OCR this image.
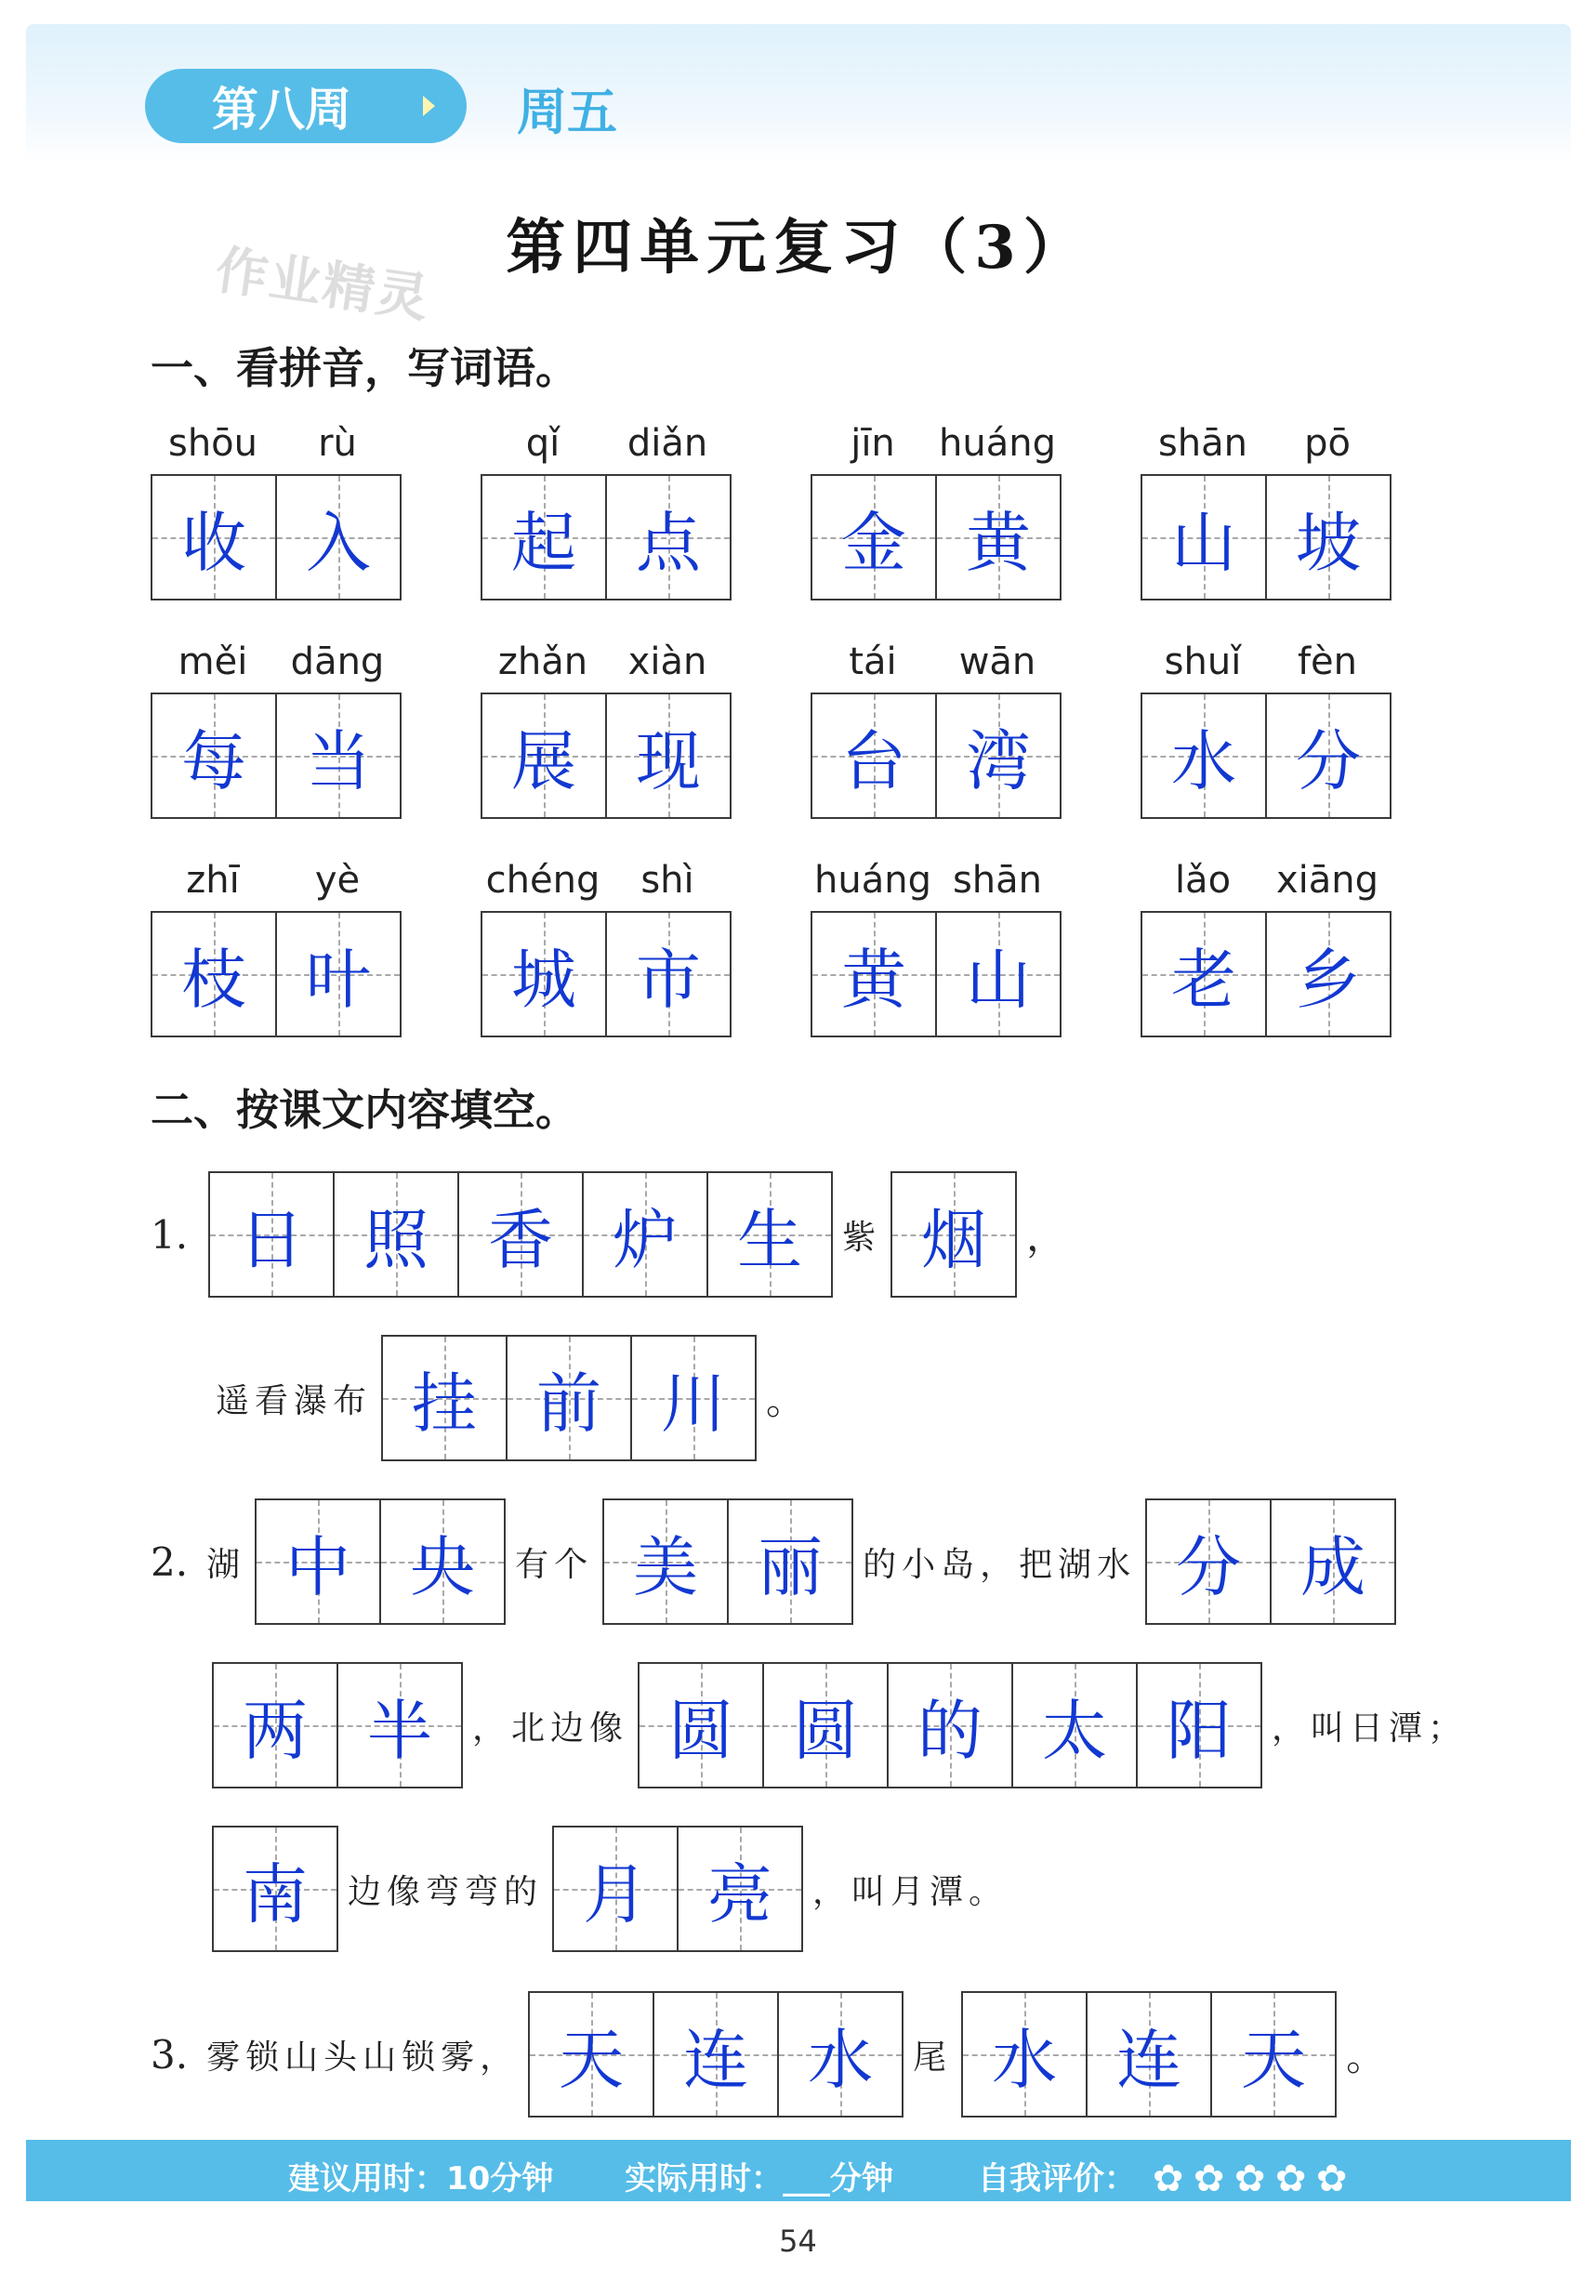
第八周	周五
作业精灵	第四单元复习（3）
一、看拼音，写词语。
shōu	rù
收 入
qǐ	diǎn
起 点
jīn	huáng
金 黄
shān	pō
山 坡
měi	dāng
每 当
zhǎn	xiàn
展 现
tái	wān
台 湾
shuǐ	fèn
水 分
zhī	yè
枝 叶
chéng	shì
城 市
huáng shān
黄 山
lǎo	xiāng
老 乡
二、按课文内容填空。
1. 日 照 香 炉 生	紫 烟	，
遥看瀑布 挂 前 川	。
2. 湖 中 央	有个 美 丽	的小岛，把湖水 分 成
两 半	，北边像 圆 圆 的 太 阳	，叫日潭；
南	边像弯弯的 月 亮	，叫月潭。
3. 雾锁山头山锁雾， 天 连 水	尾 水 连 天	。
建议用时：10分钟 实际用时：___分钟	自我评价：
✿
✿
✿
✿
✿
54
